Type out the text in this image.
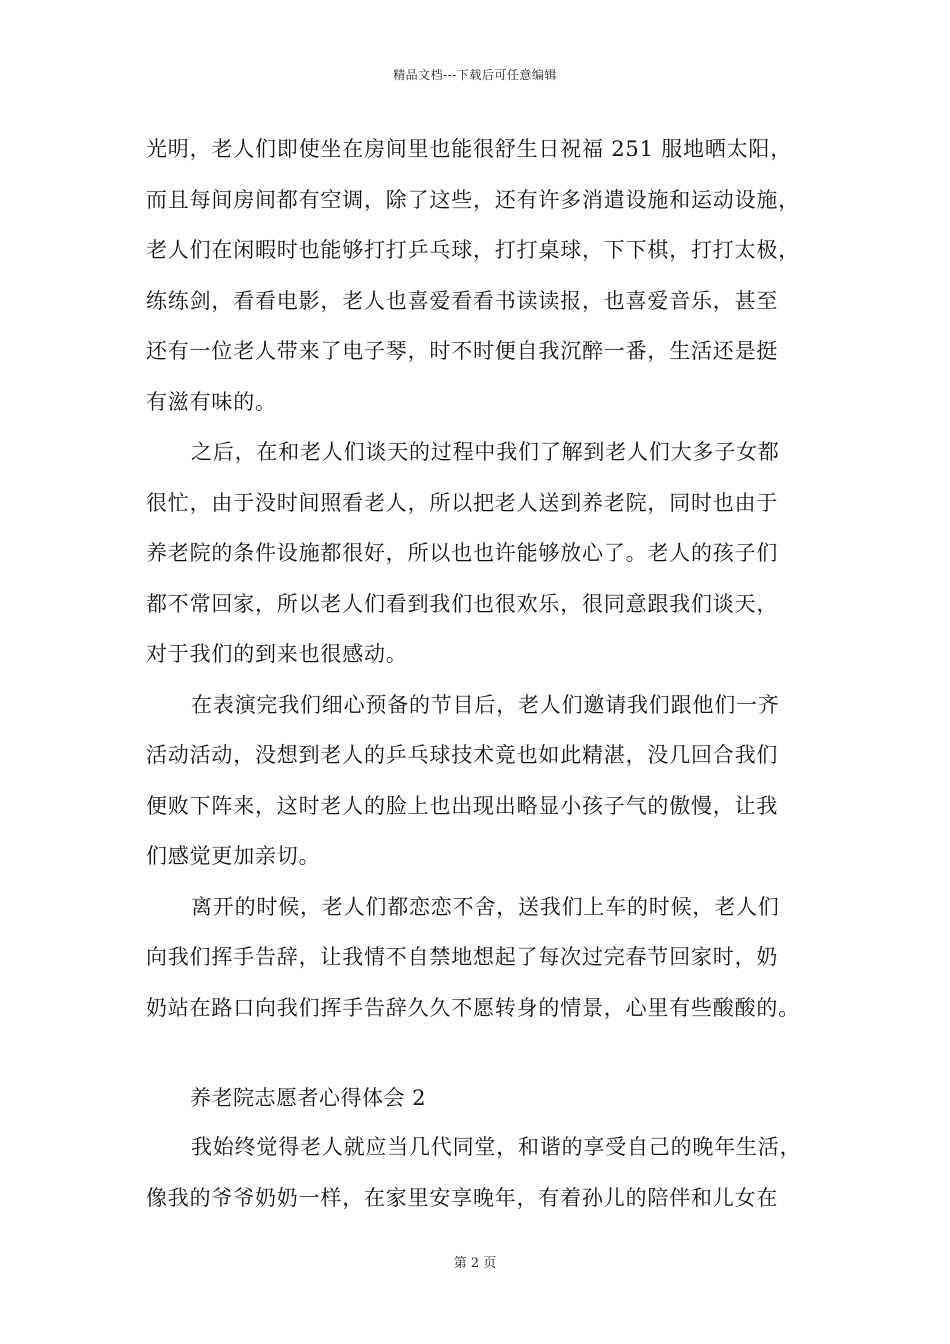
精品文档---下载后可任意编辑
光明，老人们即使坐在房间里也能很舒生日祝福 251 服地晒太阳，
而且每间房间都有空调，除了这些，还有许多消遣设施和运动设施，
老人们在闲暇时也能够打打乒乓球，打打桌球，下下棋，打打太极，
练练剑，看看电影，老人也喜爱看看书读读报，也喜爱音乐，甚至
还有一位老人带来了电子琴，时不时便自我沉醉一番，生活还是挺
有滋有味的。
之后，在和老人们谈天的过程中我们了解到老人们大多子女都
很忙，由于没时间照看老人，所以把老人送到养老院，同时也由于
养老院的条件设施都很好，所以也也许能够放心了。老人的孩子们
都不常回家，所以老人们看到我们也很欢乐，很同意跟我们谈天，
对于我们的到来也很感动。
在表演完我们细心预备的节目后，老人们邀请我们跟他们一齐
活动活动，没想到老人的乒乓球技术竟也如此精湛，没几回合我们
便败下阵来，这时老人的脸上也出现出略显小孩子气的傲慢，让我
们感觉更加亲切。
离开的时候，老人们都恋恋不舍，送我们上车的时候，老人们
向我们挥手告辞，让我情不自禁地想起了每次过完春节回家时，奶
奶站在路口向我们挥手告辞久久不愿转身的情景，心里有些酸酸的。
养老院志愿者心得体会 2
我始终觉得老人就应当几代同堂，和谐的享受自己的晚年生活，
像我的爷爷奶奶一样，在家里安享晚年，有着孙儿的陪伴和儿女在
第 2 页
